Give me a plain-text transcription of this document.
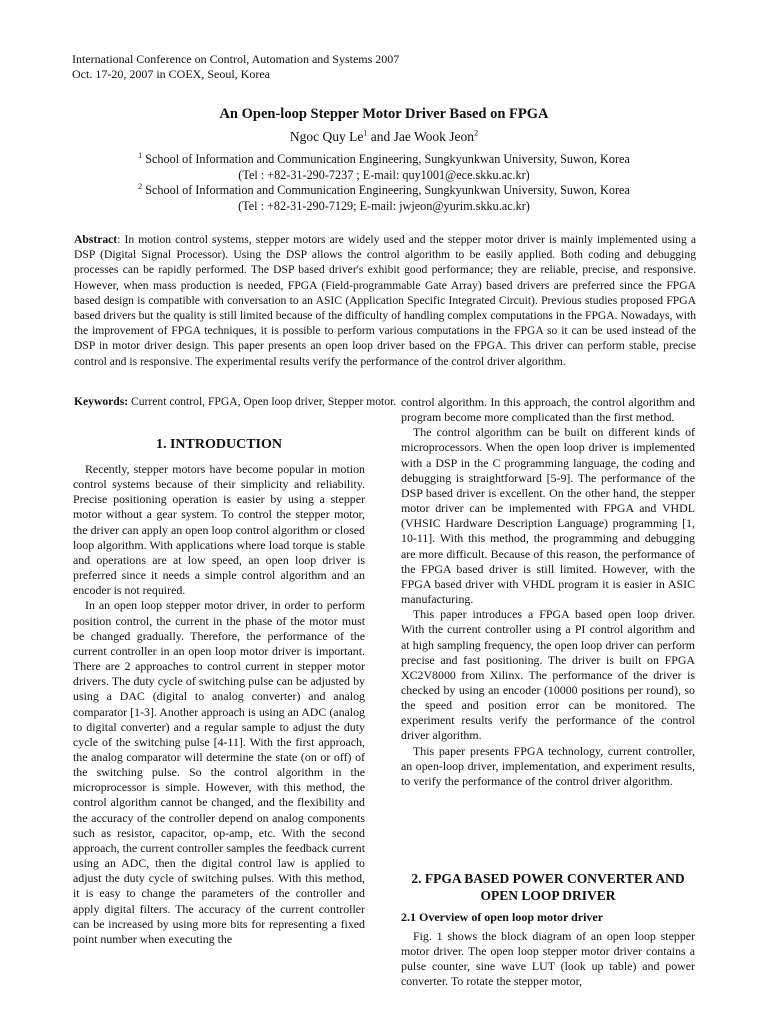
International Conference on Control, Automation and Systems 2007
Oct. 17-20, 2007 in COEX, Seoul, Korea
An Open-loop Stepper Motor Driver Based on FPGA
Ngoc Quy Le$^1$ and Jae Wook Jeon$^2$

$^1$ School of Information and Communication Engineering, Sungkyunkwan University, Suwon, Korea

(Tel : +82-31-290-7237 ; E-mail: quy1001@ece.skku.ac.kr)

$^2$ School of Information and Communication Engineering, Sungkyunkwan University, Suwon, Korea

(Tel : +82-31-290-7129; E-mail: jwjeon@yurim.skku.ac.kr)

Abstract: In motion control systems, stepper motors are widely used and the stepper motor driver is mainly implemented using a DSP (Digital Signal Processor). Using the DSP allows the control algorithm to be easily applied. Both coding and debugging processes can be rapidly performed. The DSP based driver's exhibit good performance; they are reliable, precise, and responsive. However, when mass production is needed, FPGA (Field-programmable Gate Array) based drivers are preferred since the FPGA based design is compatible with conversation to an ASIC (Application Specific Integrated Circuit). Previous studies proposed FPGA based drivers but the quality is still limited because of the difficulty of handling complex computations in the FPGA. Nowadays, with the improvement of FPGA techniques, it is possible to perform various computations in the FPGA so it can be used instead of the DSP in motor driver design. This paper presents an open loop driver based on the FPGA. This driver can perform stable, precise control and is responsive. The experimental results verify the performance of the control driver algorithm.
Keywords: Current control, FPGA, Open loop driver, Stepper motor.
1. INTRODUCTION

Recently, stepper motors have become popular in motion control systems because of their simplicity and reliability. Precise positioning operation is easier by using a stepper motor without a gear system. To control the stepper motor, the driver can apply an open loop control algorithm or closed loop algorithm. With applications where load torque is stable and operations are at low speed, an open loop driver is preferred since it needs a simple control algorithm and an encoder is not required.

In an open loop stepper motor driver, in order to perform position control, the current in the phase of the motor must be changed gradually. Therefore, the performance of the current controller in an open loop motor driver is important. There are 2 approaches to control current in stepper motor drivers. The duty cycle of switching pulse can be adjusted by using a DAC (digital to analog converter) and analog comparator [1-3]. Another approach is using an ADC (analog to digital converter) and a regular sample to adjust the duty cycle of the switching pulse [4-11]. With the first approach, the analog comparator will determine the state (on or off) of the switching pulse. So the control algorithm in the microprocessor is simple. However, with this method, the control algorithm cannot be changed, and the flexibility and the accuracy of the controller depend on analog components such as resistor, capacitor, op-amp, etc. With the second approach, the current controller samples the feedback current using an ADC, then the digital control law is applied to adjust the duty cycle of switching pulses. With this method, it is easy to change the parameters of the controller and apply digital filters. The accuracy of the current controller can be increased by using more bits for representing a fixed point number when executing the

control algorithm. In this approach, the control algorithm and program become more complicated than the first method.

The control algorithm can be built on different kinds of microprocessors. When the open loop driver is implemented with a DSP in the C programming language, the coding and debugging is straightforward [5-9]. The performance of the DSP based driver is excellent. On the other hand, the stepper motor driver can be implemented with FPGA and VHDL (VHSIC Hardware Description Language) programming [1, 10-11]. With this method, the programming and debugging are more difficult. Because of this reason, the performance of the FPGA based driver is still limited. However, with the FPGA based driver with VHDL program it is easier in ASIC manufacturing.

This paper introduces a FPGA based open loop driver. With the current controller using a PI control algorithm and at high sampling frequency, the open loop driver can perform precise and fast positioning. The driver is built on FPGA XC2V8000 from Xilinx. The performance of the driver is checked by using an encoder (10000 positions per round), so the speed and position error can be monitored. The experiment results verify the performance of the control driver algorithm.

This paper presents FPGA technology, current controller, an open-loop driver, implementation, and experiment results, to verify the performance of the control driver algorithm.

2. FPGA BASED POWER CONVERTER AND
OPEN LOOP DRIVER
2.1 Overview of open loop motor driver

Fig. 1 shows the block diagram of an open loop stepper motor driver. The open loop stepper motor driver contains a pulse counter, sine wave LUT (look up table) and power converter. To rotate the stepper motor,
